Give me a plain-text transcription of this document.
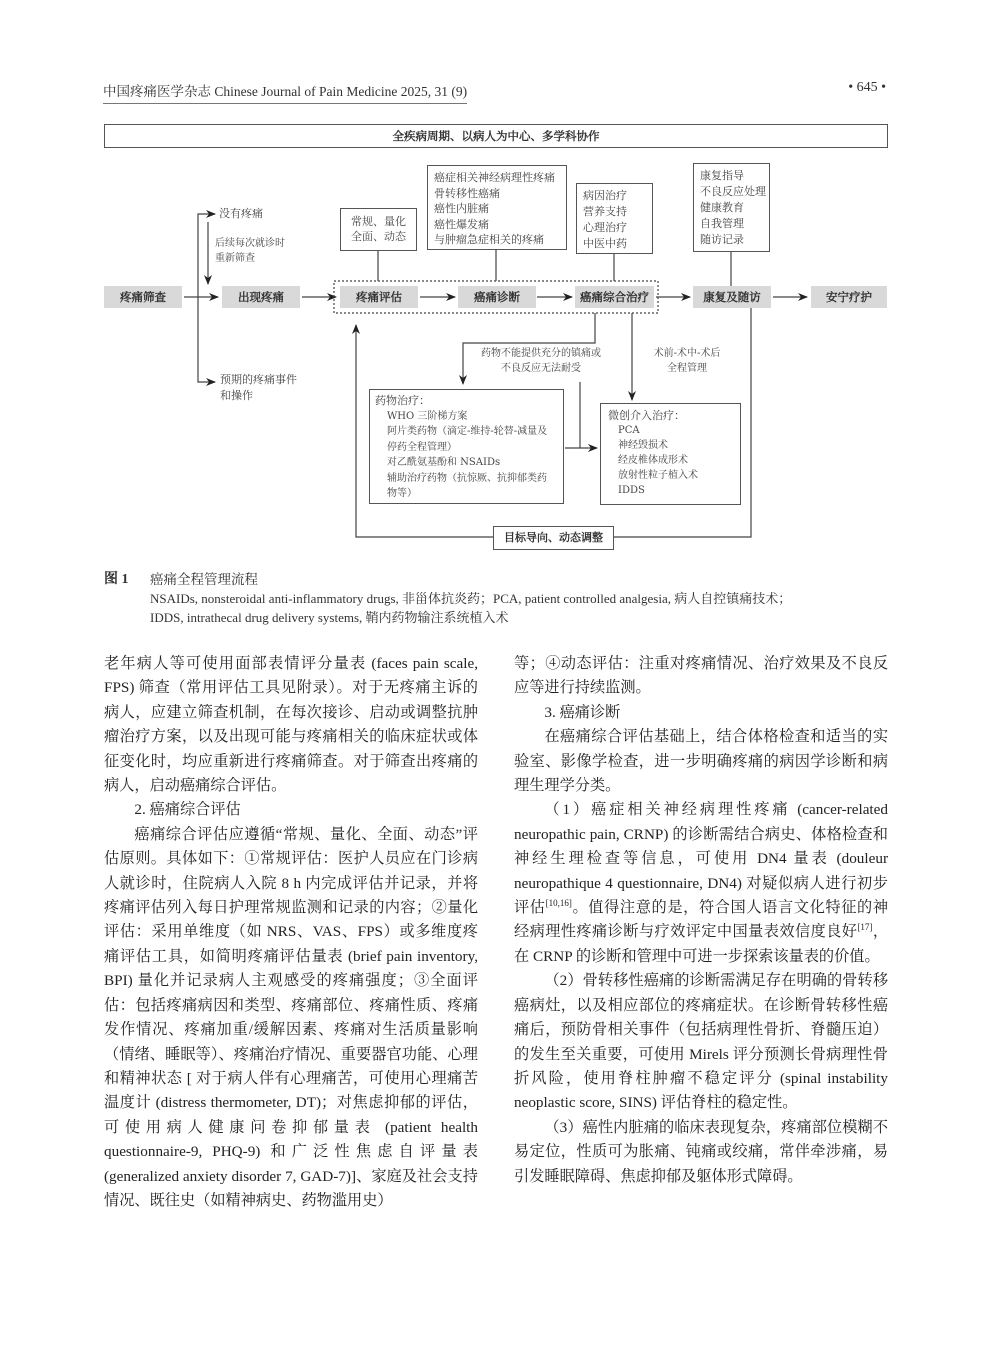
中国疼痛医学杂志 Chinese Journal of Pain Medicine 2025, 31 (9)	• 645 •
全疾病周期、以病人为中心、多学科协作
疼痛筛查	出现疼痛	疼痛评估	癌痛诊断	癌痛综合治疗	康复及随访	安宁疗护
没有疼痛
后续每次就诊时
重新筛查
预期的疼痛事件
和操作
常规、量化
全面、动态
癌症相关神经病理性疼痛
骨转移性癌痛
癌性内脏痛
癌性爆发痛
与肿瘤急症相关的疼痛
病因治疗
营养支持
心理治疗
中医中药
康复指导
不良反应处理
健康教育
自我管理
随访记录
药物不能提供充分的镇痛或
不良反应无法耐受
术前-术中-术后
全程管理
药物治疗：
WHO 三阶梯方案
阿片类药物（滴定-维持-轮替-减量及
停药全程管理）
对乙酰氨基酚和 NSAIDs
辅助治疗药物（抗惊厥、抗抑郁类药
物等）
微创介入治疗：
PCA
神经毁损术
经皮椎体成形术
放射性粒子植入术
IDDS
目标导向、动态调整
图 1 癌痛全程管理流程
NSAIDs, nonsteroidal anti-inflammatory drugs, 非甾体抗炎药；PCA, patient controlled analgesia, 病人自控镇痛技术；
IDDS, intrathecal drug delivery systems, 鞘内药物输注系统植入术

老年病人等可使用面部表情评分量表 (faces pain scale, FPS) 筛查（常用评估工具见附录）。对于无疼痛主诉的病人，应建立筛查机制，在每次接诊、启动或调整抗肿瘤治疗方案，以及出现可能与疼痛相关的临床症状或体征变化时，均应重新进行疼痛筛查。对于筛查出疼痛的病人，启动癌痛综合评估。

2. 癌痛综合评估

癌痛综合评估应遵循“常规、量化、全面、动态”评估原则。具体如下：①常规评估：医护人员应在门诊病人就诊时，住院病人入院 8 h 内完成评估并记录，并将疼痛评估列入每日护理常规监测和记录的内容；②量化评估：采用单维度（如 NRS、VAS、FPS）或多维度疼痛评估工具，如简明疼痛评估量表 (brief pain inventory, BPI) 量化并记录病人主观感受的疼痛强度；③全面评估：包括疼痛病因和类型、疼痛部位、疼痛性质、疼痛发作情况、疼痛加重/缓解因素、疼痛对生活质量影响（情绪、睡眠等）、疼痛治疗情况、重要器官功能、心理和精神状态 [ 对于病人伴有心理痛苦，可使用心理痛苦温度计 (distress thermometer, DT)；对焦虑抑郁的评估，可使用病人健康问卷抑郁量表 (patient health questionnaire-9, PHQ-9) 和广泛性焦虑自评量表 (generalized anxiety disorder 7, GAD-7)]、家庭及社会支持情况、既往史（如精神病史、药物滥用史）

等；④动态评估：注重对疼痛情况、治疗效果及不良反应等进行持续监测。

3. 癌痛诊断

在癌痛综合评估基础上，结合体格检查和适当的实验室、影像学检查，进一步明确疼痛的病因学诊断和病理生理学分类。

（1）癌症相关神经病理性疼痛 (cancer-related neuropathic pain, CRNP) 的诊断需结合病史、体格检查和神经生理检查等信息，可使用 DN4 量表 (douleur neuropathique 4 questionnaire, DN4) 对疑似病人进行初步评估[10,16]。值得注意的是，符合国人语言文化特征的神经病理性疼痛诊断与疗效评定中国量表效信度良好[17]，在 CRNP 的诊断和管理中可进一步探索该量表的价值。

（2）骨转移性癌痛的诊断需满足存在明确的骨转移癌病灶，以及相应部位的疼痛症状。在诊断骨转移性癌痛后，预防骨相关事件（包括病理性骨折、脊髓压迫）的发生至关重要，可使用 Mirels 评分预测长骨病理性骨折风险，使用脊柱肿瘤不稳定评分 (spinal instability neoplastic score, SINS) 评估脊柱的稳定性。

（3）癌性内脏痛的临床表现复杂，疼痛部位模糊不易定位，性质可为胀痛、钝痛或绞痛，常伴牵涉痛，易引发睡眠障碍、焦虑抑郁及躯体形式障碍。
